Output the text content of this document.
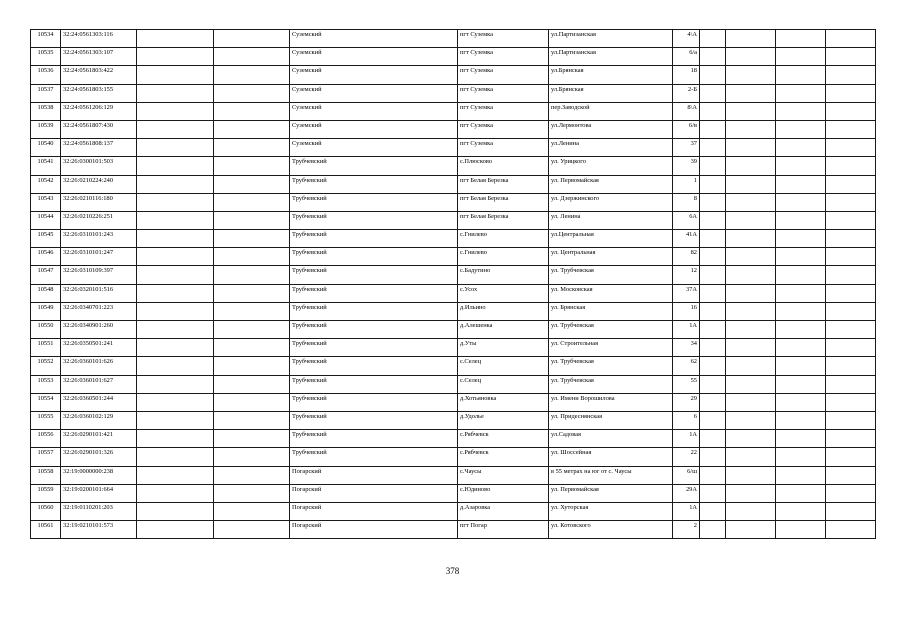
10534	32:24:0561303:116			Суземский	пгт Суземка	ул.Партизанская	4\А				
10535	32:24:0561303:107			Суземский	пгт Суземка	ул.Партизанская	6/а				
10536	32:24:0561803:422			Суземский	пгт Суземка	ул.Брянская	18				
10537	32:24:0561803:155			Суземский	пгт Суземка	ул.Брянская	2-Б				
10538	32:24:0561206:129			Суземский	пгт Суземка	пер.Заводской	8\А				
10539	32:24:0561807:430			Суземский	пгт Суземка	ул.Лермонтова	6/в				
10540	32:24:0561808:137			Суземский	пгт Суземка	ул.Ленина	37				
10541	32:26:0300101:503			Трубчевский	с.Плюсково	ул. Урицкого	39				
10542	32:26:0210224:240			Трубчевский	пгт Белая Березка	ул. Первомайская	1				
10543	32:26:0210116:180			Трубчевский	пгт Белая Березка	ул. Дзержинского	8				
10544	32:26:0210226:251			Трубчевский	пгт Белая Березка	ул. Ленина	6А				
10545	32:26:0310101:243			Трубчевский	с.Гнилево	ул.Центральная	41А				
10546	32:26:0310101:247			Трубчевский	с.Гнилево	ул. Центральная	82				
10547	32:26:0310109:397			Трубчевский	с.Бадутино	ул. Трубчевская	12				
10548	32:26:0320101:516			Трубчевский	с.Усох	ул. Московская	37А				
10549	32:26:0340701:223			Трубчевский	д.Ильино	ул. Брянская	16				
10550	32:26:0340901:260			Трубчевский	д.Алешенка	ул. Трубчевская	1А				
10551	32:26:0350501:241			Трубчевский	д.Уты	ул. Строительная	34				
10552	32:26:0360101:626			Трубчевский	с.Селец	ул. Трубчевская	62				
10553	32:26:0360101:627			Трубчевский	с.Селец	ул. Трубчевская	55				
10554	32:26:0360501:244			Трубчевский	д.Хотьяновка	ул. Имени Ворошилова	29				
10555	32:26:0360102:129			Трубчевский	д.Удолье	ул. Придеснянская	6				
10556	32:26:0290101:421			Трубчевский	с.Рябчевск	ул.Садовая	1А				
10557	32:26:0290101:326			Трубчевский	с.Рябчевск	ул. Шоссейная	22				
10558	32:19:0000000:238			Погарский	с.Чаусы	в 55 метрах на юг от с. Чаусы	6/ш				
10559	32:19:0200101:664			Погарский	с.Юдиново	ул. Первомайская	29А				
10560	32:19:0110201:203			Погарский	д.Азаровка	ул. Хуторская	1А				
10561	32:19:0210101:573			Погарский	пгт Погар	ул. Котовского	2				
378
